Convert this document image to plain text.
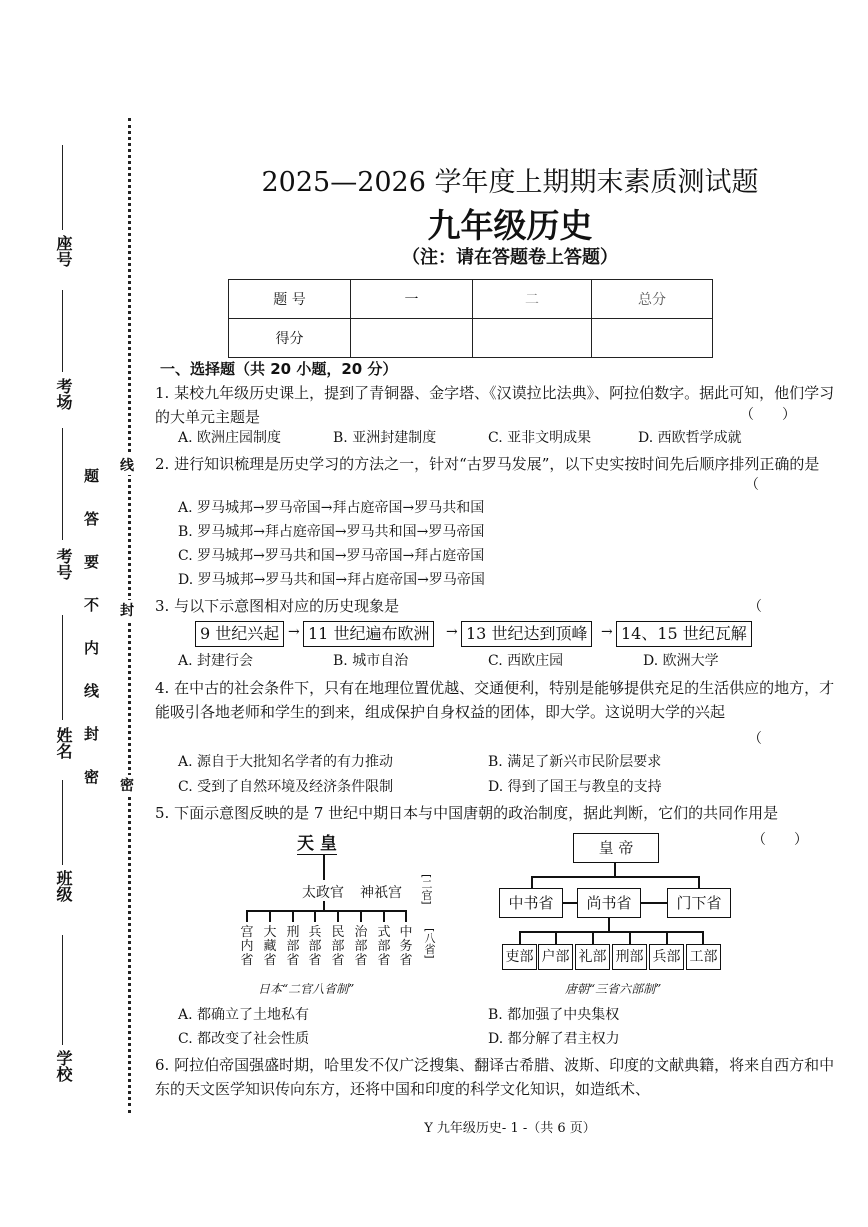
座号
考场
考号
姓名
班级
学校
题
答
要
不
内
线
封
密
线
封
密
2025—2026 学年度上期期末素质测试题
九年级历史
（注：请在答题卷上答题）
题 号	一	二	总分
得分			
一、选择题（共 20 小题，20 分）
1. 某校九年级历史课上，提到了青铜器、金字塔、《汉谟拉比法典》、阿拉伯数字。据此可知，他们学习的大单元主题是	（　　）
A. 欧洲庄园制度	B. 亚洲封建制度	C. 亚非文明成果	D. 西欧哲学成就
2. 进行知识梳理是历史学习的方法之一，针对“古罗马发展”，以下史实按时间先后顺序排列正确的是
（
A. 罗马城邦→罗马帝国→拜占庭帝国→罗马共和国
B. 罗马城邦→拜占庭帝国→罗马共和国→罗马帝国
C. 罗马城邦→罗马共和国→罗马帝国→拜占庭帝国
D. 罗马城邦→罗马共和国→拜占庭帝国→罗马帝国
3. 与以下示意图相对应的历史现象是	（
9 世纪兴起 → 11 世纪遍布欧洲	→ 13 世纪达到顶峰 → 14、15 世纪瓦解
A. 封建行会	B. 城市自治	C. 西欧庄园	D. 欧洲大学
4. 在中古的社会条件下，只有在地理位置优越、交通便利，特别是能够提供充足的生活供应的地方，才能吸引各地老师和学生的到来，组成保护自身权益的团体，即大学。这说明大学的兴起
（
A. 源自于大批知名学者的有力推动	B. 满足了新兴市民阶层要求
C. 受到了自然环境及经济条件限制	D. 得到了国王与教皇的支持
5. 下面示意图反映的是 7 世纪中期日本与中国唐朝的政治制度，据此判断，它们的共同作用是
（　　）
天 皇
太政官 神祇宫 [二官]
宫内省
大藏省
刑部省
兵部省
民部省
治部省
式部省
中务省
[八省]
日本“二官八省制”
皇 帝
中书省	尚书省	门下省
吏部 户部 礼部 刑部 兵部 工部
唐朝“三省六部制”
A. 都确立了土地私有	B. 都加强了中央集权
C. 都改变了社会性质	D. 都分解了君主权力
6. 阿拉伯帝国强盛时期，哈里发不仅广泛搜集、翻译古希腊、波斯、印度的文献典籍，将来自西方和中东的天文医学知识传向东方，还将中国和印度的科学文化知识，如造纸术、
Y 九年级历史- 1 -（共 6 页）
